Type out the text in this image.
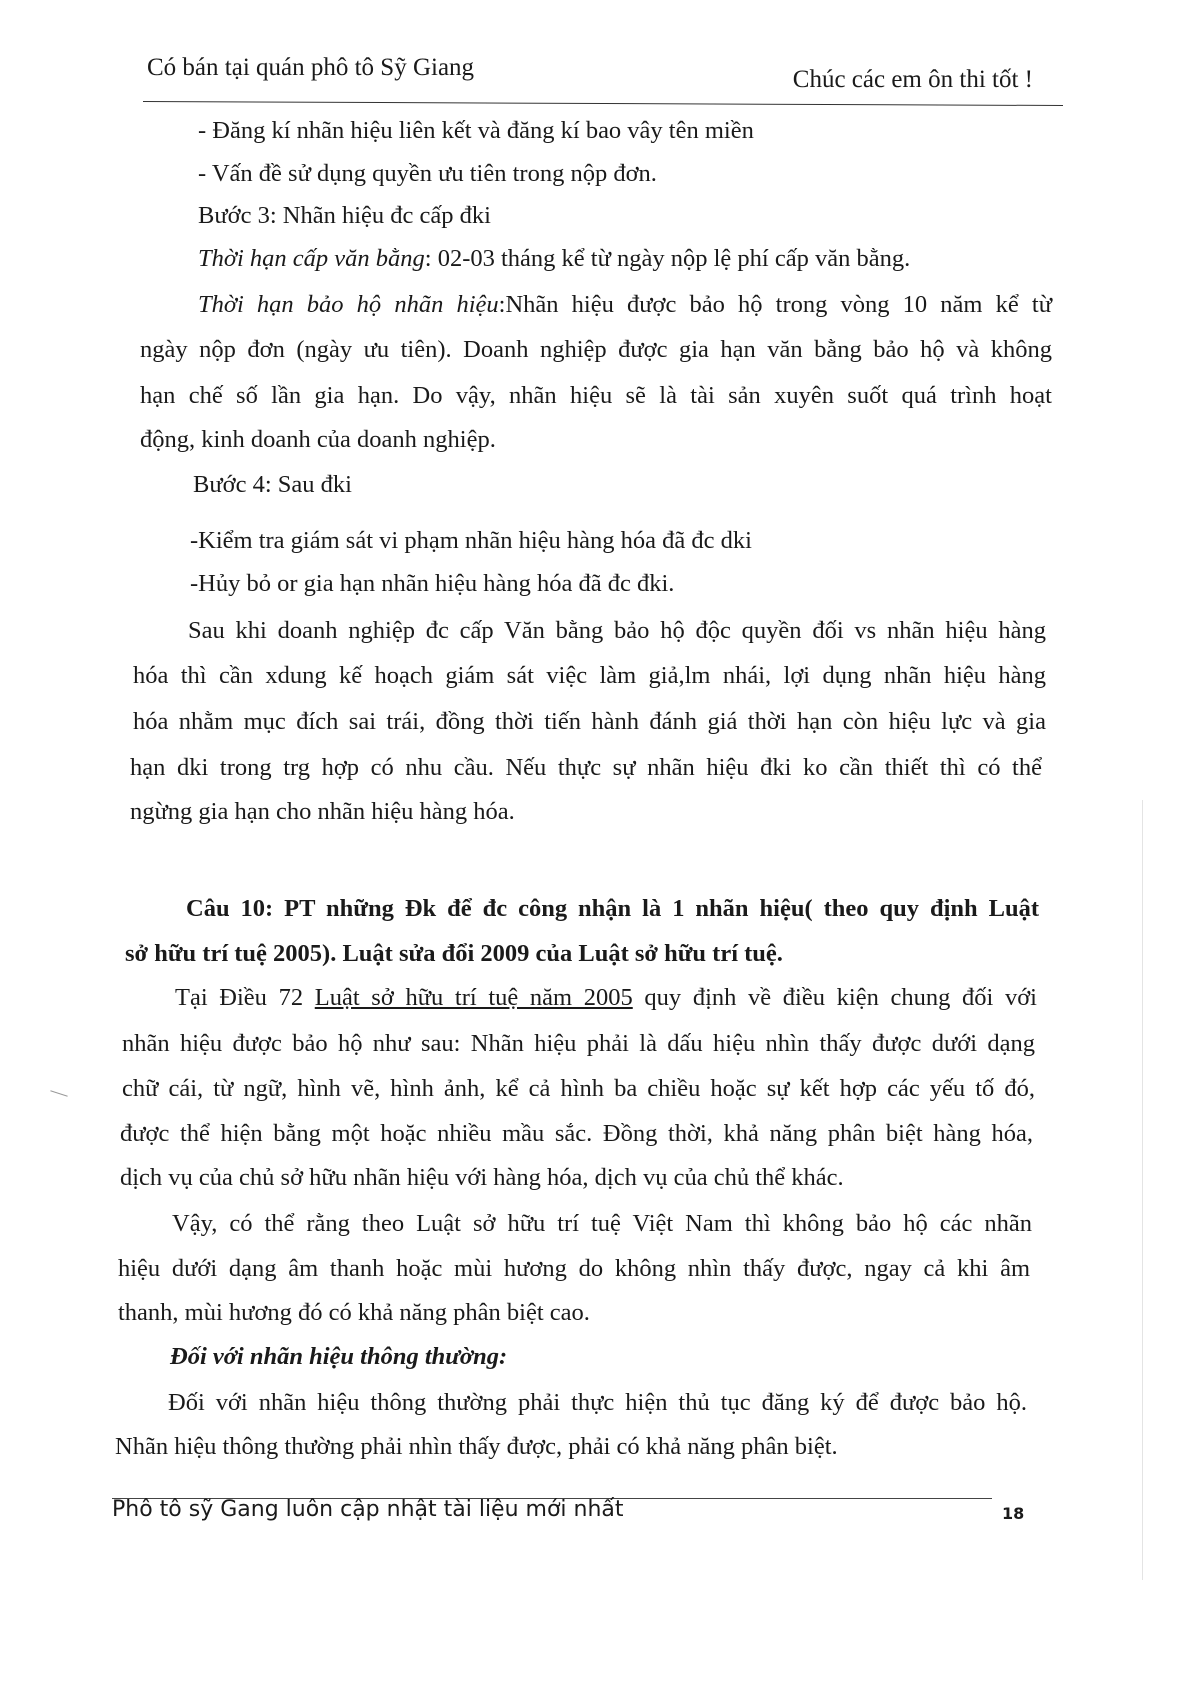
Có bán tại quán phô tô Sỹ Giang	Chúc các em ôn thi tốt !
- Đăng kí nhãn hiệu liên kết và đăng kí bao vây tên miền
- Vấn đề sử dụng quyền ưu tiên trong nộp đơn.
Bước 3: Nhãn hiệu đc cấp đki
Thời hạn cấp văn bằng: 02-03 tháng kể từ ngày nộp lệ phí cấp văn bằng.
Thời hạn bảo hộ nhãn hiệu:Nhãn hiệu được bảo hộ trong vòng 10 năm kể từ
ngày nộp đơn (ngày ưu tiên). Doanh nghiệp được gia hạn văn bằng bảo hộ và không
hạn chế số lần gia hạn. Do vậy, nhãn hiệu sẽ là tài sản xuyên suốt quá trình hoạt
động, kinh doanh của doanh nghiệp.
Bước 4: Sau đki
-Kiểm tra giám sát vi phạm nhãn hiệu hàng hóa đã đc dki
-Hủy bỏ or gia hạn nhãn hiệu hàng hóa đã đc đki.
Sau khi doanh nghiệp đc cấp Văn bằng bảo hộ độc quyền đối vs nhãn hiệu hàng
hóa thì cần xdung kế hoạch giám sát việc làm giả,lm nhái, lợi dụng nhãn hiệu hàng
hóa nhằm mục đích sai trái, đồng thời tiến hành đánh giá thời hạn còn hiệu lực và gia
hạn dki trong trg hợp có nhu cầu. Nếu thực sự nhãn hiệu đki ko cần thiết thì có thể
ngừng gia hạn cho nhãn hiệu hàng hóa.
Câu 10: PT những Đk để đc công nhận là 1 nhãn hiệu( theo quy định Luật
sở hữu trí tuệ 2005). Luật sửa đổi 2009 của Luật sở hữu trí tuệ.
Tại Điều 72 Luật sở hữu trí tuệ năm 2005 quy định về điều kiện chung đối với
nhãn hiệu được bảo hộ như sau: Nhãn hiệu phải là dấu hiệu nhìn thấy được dưới dạng
chữ cái, từ ngữ, hình vẽ, hình ảnh, kể cả hình ba chiều hoặc sự kết hợp các yếu tố đó,
được thể hiện bằng một hoặc nhiều mầu sắc. Đồng thời, khả năng phân biệt hàng hóa,
dịch vụ của chủ sở hữu nhãn hiệu với hàng hóa, dịch vụ của chủ thể khác.
Vậy, có thể rằng theo Luật sở hữu trí tuệ Việt Nam thì không bảo hộ các nhãn
hiệu dưới dạng âm thanh hoặc mùi hương do không nhìn thấy được, ngay cả khi âm
thanh, mùi hương đó có khả năng phân biệt cao.
Đối với nhãn hiệu thông thường:
Đối với nhãn hiệu thông thường phải thực hiện thủ tục đăng ký để được bảo hộ.
Nhãn hiệu thông thường phải nhìn thấy được, phải có khả năng phân biệt.
Phô tô sỹ Gang luôn cập nhật tài liệu mới nhất	18
